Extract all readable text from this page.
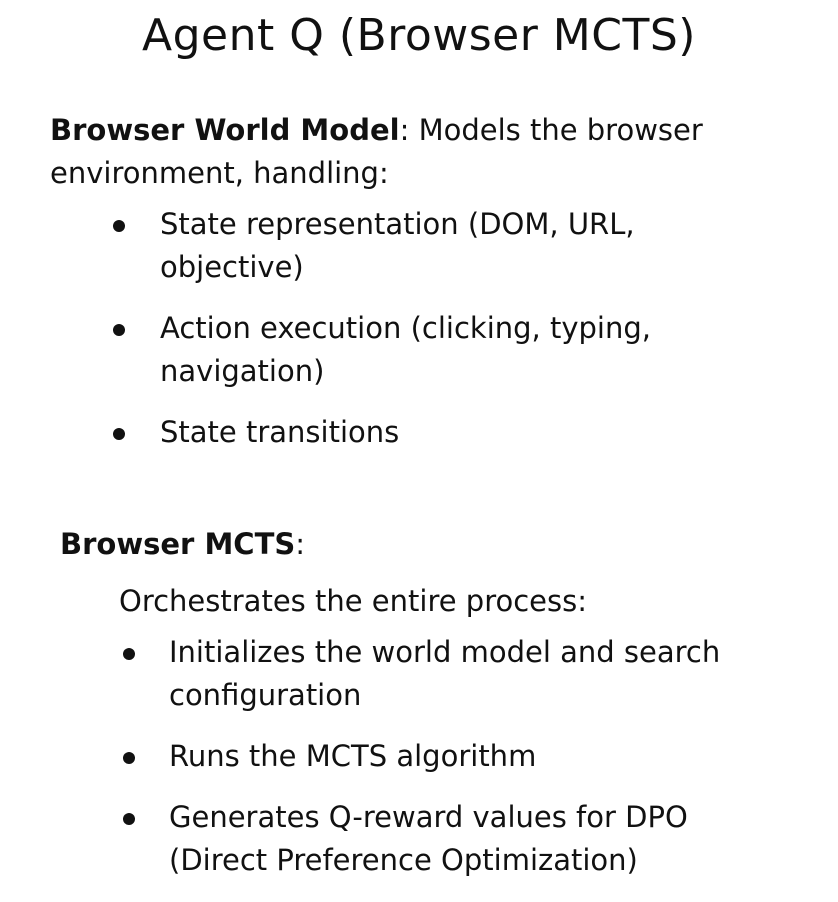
Agent Q (Browser MCTS)

Browser World Model: Models the browser environment, handling:

State representation (DOM, URL,
objective)
Action execution (clicking, typing,
navigation)
State transitions

Browser MCTS:

Orchestrates the entire process:

Initializes the world model and search
configuration
Runs the MCTS algorithm
Generates Q-reward values for DPO
(Direct Preference Optimization)
